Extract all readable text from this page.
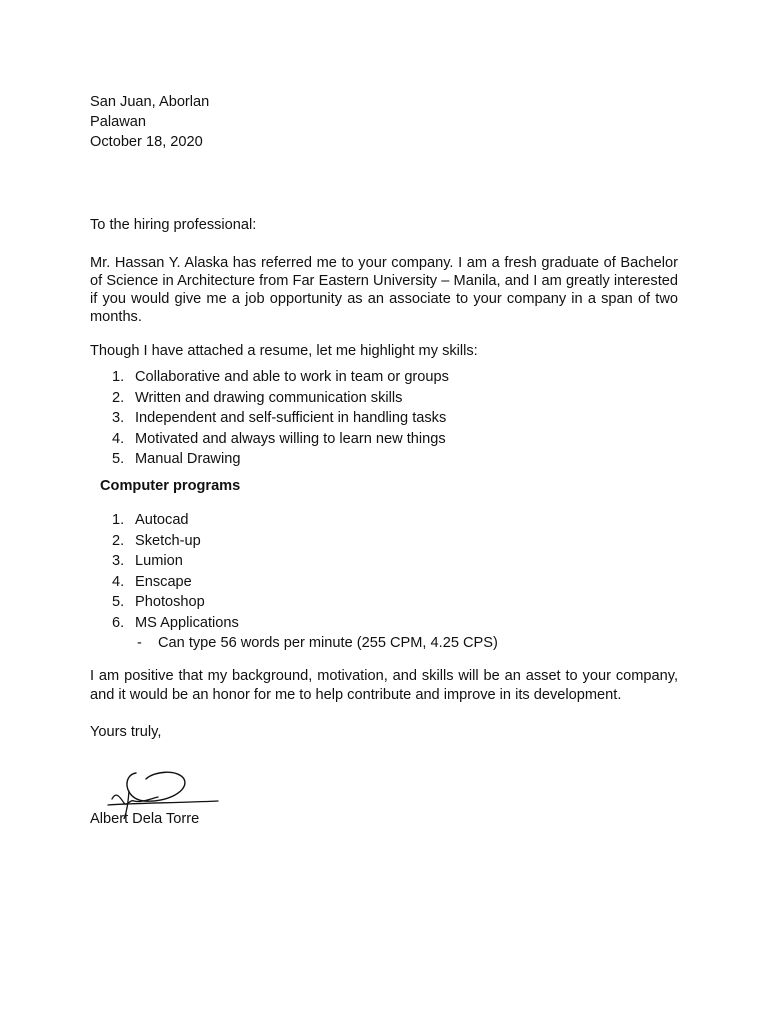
San Juan, Aborlan

Palawan

October 18, 2020

To the hiring professional:

Mr. Hassan Y. Alaska has referred me to your company. I am a fresh graduate of Bachelor of Science in Architecture from Far Eastern University – Manila, and I am greatly interested if you would give me a job opportunity as an associate to your company in a span of two months.

Though I have attached a resume, let me highlight my skills:

1. Collaborative and able to work in team or groups
2. Written and drawing communication skills
3. Independent and self-sufficient in handling tasks
4. Motivated and always willing to learn new things
5. Manual Drawing

Computer programs

1. Autocad
2. Sketch-up
3. Lumion
4. Enscape
5. Photoshop
6. MS Applications
- Can type 56 words per minute (255 CPM, 4.25 CPS)

I am positive that my background, motivation, and skills will be an asset to your company, and it would be an honor for me to help contribute and improve in its development.

Yours truly,

Albert Dela Torre
